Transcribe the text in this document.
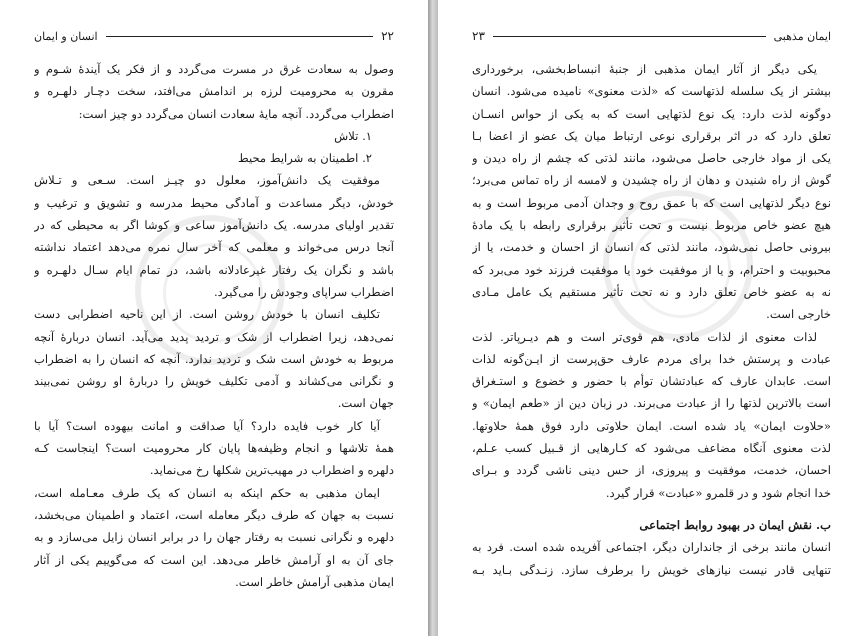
۲۲
انسان و ایمان
وصول به سعادت غرق در مسرت می‌گردد و از فکر یک آیندهٔ شـوم و
مقرون به محرومیت لرزه بر اندامش می‌افتد، سخت دچـار دلهـره و
اضطراب می‌گردد. آنچه مایهٔ سعادت انسان می‌گردد دو چیز است:
۱. تلاش
۲. اطمینان به شرایط محیط
موفقیت یک دانش‌آموز، معلول دو چیـز است. سـعی و تـلاش
خودش، دیگر مساعدت و آمادگی محیط مدرسه و تشویق و ترغیب و
تقدیر اولیای مدرسه. یک دانش‌آموز ساعی و کوشا اگر به محیطی که در
آنجا درس می‌خواند و معلمی که آخر سال نمره می‌دهد اعتماد نداشته
باشد و نگران یک رفتار غیرعادلانه باشد، در تمام ایام سـال دلهـره و
اضطراب سراپای وجودش را می‌گیرد.
تکلیف انسان با خودش روشن است. از این ناحیه اضطرابی دست
نمی‌دهد، زیرا اضطراب از شک و تردید پدید می‌آید. انسان دربارهٔ آنچه
مربوط به خودش است شک و تردید ندارد. آنچه که انسان را به اضطراب
و نگرانی می‌کشاند و آدمی تکلیف خویش را دربارهٔ او روشن نمی‌بیند
جهان است.
آیا کار خوب فایده دارد؟ آیا صداقت و امانت بیهوده است؟ آیا با
همهٔ تلاشها و انجام وظیفه‌ها پایان کار محرومیت است؟ اینجاست کـه
دلهره و اضطراب در مهیب‌ترین شکلها رخ می‌نماید.
ایمان مذهبی به حکم اینکه به انسان که یک طرف معـامله است،
نسبت به جهان که طرف دیگر معامله است، اعتماد و اطمینان می‌بخشد،
دلهره و نگرانی نسبت به رفتار جهان را در برابر انسان زایل می‌سازد و به
جای آن به او آرامش خاطر می‌دهد. این است که می‌گوییم یکی از آثار
ایمان مذهبی آرامش خاطر است.
ایمان مذهبی
۲۳
یکی دیگر از آثار ایمان مذهبی از جنبهٔ انبساط‌بخشی، برخورداری
بیشتر از یک سلسله لذتهاست که «لذت معنوی» نامیده می‌شود. انسان
دوگونه لذت دارد: یک نوع لذتهایی است که به یکی از حواس انسـان
تعلق دارد که در اثر برقراری نوعی ارتباط میان یک عضو از اعضا بـا
یکی از مواد خارجی حاصل می‌شود، مانند لذتی که چشم از راه دیدن و
گوش از راه شنیدن و دهان از راه چشیدن و لامسه از راه تماس می‌برد؛
نوع دیگر لذتهایی است که با عمق روح و وجدان آدمی مربوط است و به
هیچ عضو خاص مربوط نیست و تحت تأثیر برقراری رابطه با یک مادهٔ
بیرونی حاصل نمی‌شود، مانند لذتی که انسان از احسان و خدمت، یا از
محبوبیت و احترام، و یا از موفقیت خود یا موفقیت فرزند خود می‌برد که
نه به عضو خاص تعلق دارد و نه تحت تأثیر مستقیم یک عامل مـادی
خارجی است.
لذات معنوی از لذات مادی، هم قوی‌تر است و هم دیـرپاتر. لذت
عبادت و پرستش خدا برای مردم عارف حق‌پرست از ایـن‌گونه لذات
است. عابدان عارف که عبادتشان توأم با حضور و خضوع و استـغراق
است بالاترین لذتها را از عبادت می‌برند. در زبان دین از «طعم ایمان» و
«حلاوت ایمان» یاد شده است. ایمان حلاوتی دارد فوق همهٔ حلاوتها.
لذت معنوی آنگاه مضاعف می‌شود که کـارهایی از قـبیل کسب عـلم،
احسان، خدمت، موفقیت و پیروزی، از حس دینی ناشی گردد و بـرای
خدا انجام شود و در قلمرو «عبادت» قرار گیرد.
ب. نقش ایمان در بهبود روابط اجتماعی
انسان مانند برخی از جانداران دیگر، اجتماعی آفریده شده است. فرد به
تنهایی قادر نیست نیازهای خویش را برطرف سازد. زنـدگی بـاید بـه
